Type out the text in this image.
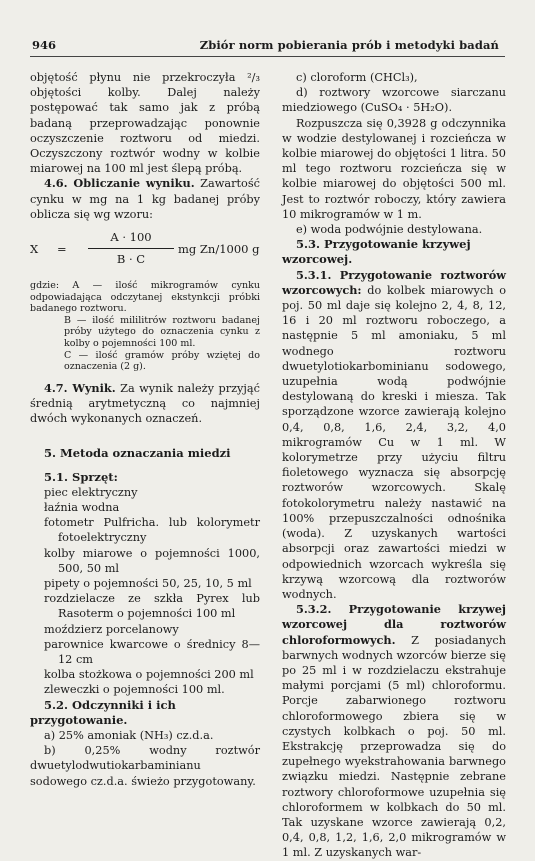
946	Zbiór norm pobierania prób i metodyki badań

objętość płynu nie przekroczyła ²/₃ objętości kolby. Dalej należy postępować tak samo jak z próbą badaną przeprowadzając ponownie oczyszczenie roztworu od miedzi. Oczyszczony roztwór wodny w kolbie miarowej na 100 ml jest ślepą próbą.

4.6. Obliczanie wyniku. Zawartość cynku w mg na 1 kg badanej próby oblicza się wg wzoru:

X =
A · 100
B · C
mg Zn/1000 g

gdzie: A — ilość mikrogramów cynku odpowiadająca odczytanej ekstynkcji próbki badanego roztworu.

B — ilość mililitrów roztworu badanej próby użytego do oznaczenia cynku z kolby o pojemności 100 ml.

C — ilość gramów próby wziętej do oznaczenia (2 g).

4.7. Wynik. Za wynik należy przyjąć średnią arytmetyczną co najmniej dwóch wykonanych oznaczeń.

5. Metoda oznaczania miedzi

5.1. Sprzęt:

piec elektryczny

łaźnia wodna

fotometr Pulfricha. lub kolorymetr fotoelektryczny

kolby miarowe o pojemności 1000, 500, 50 ml

pipety o pojemności 50, 25, 10, 5 ml

rozdzielacze ze szkła Pyrex lub Rasoterm o pojemności 100 ml

moździerz porcelanowy

parownice kwarcowe o średnicy 8—12 cm

kolba stożkowa o pojemności 200 ml

zleweczki o pojemności 100 ml.

5.2. Odczynniki i ich przygotowanie.

a) 25% amoniak (NH₃) cz.d.a.

b) 0,25% wodny roztwór dwuetylodwutiokarbaminianu sodowego cz.d.a. świeżo przygotowany.

c) cloroform (CHCl₃),

d) roztwory wzorcowe siarczanu miedziowego (CuSO₄ · 5H₂O).

Rozpuszcza się 0,3928 g odczynnika w wodzie destylowanej i rozcieńcza w kolbie miarowej do objętości 1 litra. 50 ml tego roztworu rozcieńcza się w kolbie miarowej do objętości 500 ml. Jest to roztwór roboczy, który zawiera 10 mikrogramów w 1 m.

e) woda podwójnie destylowana.

5.3. Przygotowanie krzywej wzorcowej.

5.3.1. Przygotowanie roztworów wzorcowych: do kolbek miarowych o poj. 50 ml daje się kolejno 2, 4, 8, 12, 16 i 20 ml roztworu roboczego, a następnie 5 ml amoniaku, 5 ml wodnego roztworu dwuetylotiokarbominianu sodowego, uzupełnia wodą podwójnie destylowaną do kreski i miesza. Tak sporządzone wzorce zawierają kolejno 0,4, 0,8, 1,6, 2,4, 3,2, 4,0 mikrogramów Cu w 1 ml. W kolorymetrze przy użyciu filtru fioletowego wyznacza się absorpcję roztworów wzorcowych. Skalę fotokolorymetru należy nastawić na 100% przepuszczalności odnośnika (woda). Z uzyskanych wartości absorpcji oraz zawartości miedzi w odpowiednich wzorcach wykreśla się krzywą wzorcową dla roztworów wodnych.

5.3.2. Przygotowanie krzywej wzorcowej dla roztworów chloroformowych. Z posiadanych barwnych wodnych wzorców bierze się po 25 ml i w rozdzielaczu ekstrahuje małymi porcjami (5 ml) chloroformu. Porcje zabarwionego roztworu chloroformowego zbiera się w czystych kolbkach o poj. 50 ml. Ekstrakcję przeprowadza się do zupełnego wyekstrahowania barwnego związku miedzi. Następnie zebrane roztwory chloroformowe uzupełnia się chloroformem w kolbkach do 50 ml. Tak uzyskane wzorce zawierają 0,2, 0,4, 0,8, 1,2, 1,6, 2,0 mikrogramów w 1 ml. Z uzyskanych war-
